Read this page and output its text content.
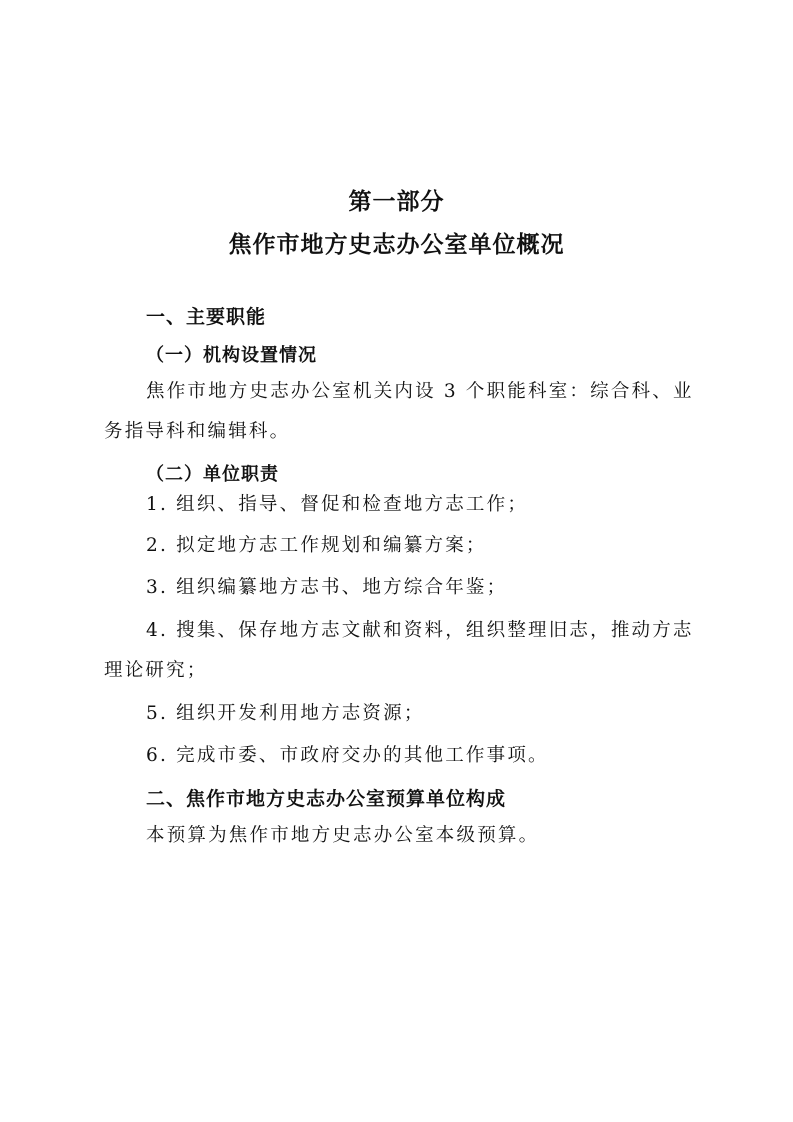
第一部分
焦作市地方史志办公室单位概况
一、主要职能
（一）机构设置情况

焦作市地方史志办公室机关内设 3 个职能科室：综合科、业务指导科和编辑科。

（二）单位职责

1. 组织、指导、督促和检查地方志工作；

2. 拟定地方志工作规划和编纂方案；

3. 组织编纂地方志书、地方综合年鉴；

4. 搜集、保存地方志文献和资料，组织整理旧志，推动方志理论研究；

5. 组织开发利用地方志资源；

6. 完成市委、市政府交办的其他工作事项。

二、焦作市地方史志办公室预算单位构成

本预算为焦作市地方史志办公室本级预算。
